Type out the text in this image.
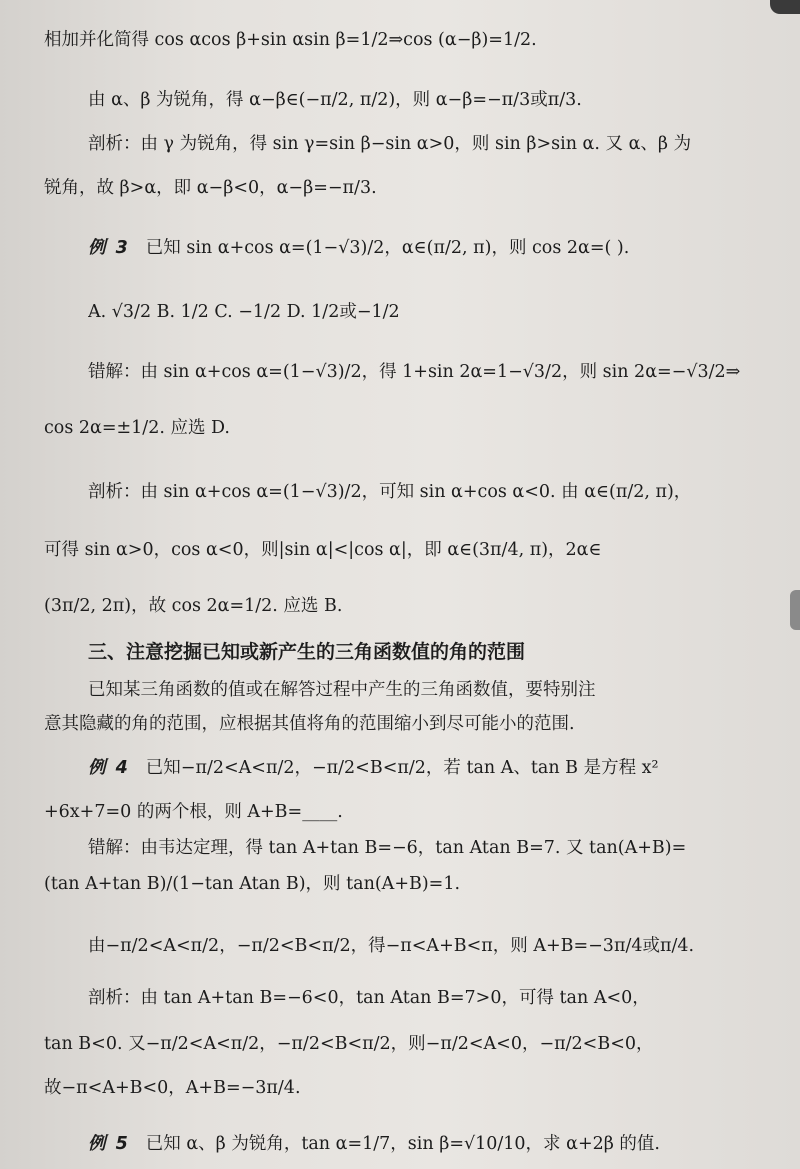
相加并化简得 cos αcos β+sin αsin β=1/2⇒cos (α−β)=1/2.
由 α、β 为锐角，得 α−β∈(−π/2, π/2)，则 α−β=−π/3或π/3.
剖析：由 γ 为锐角，得 sin γ=sin β−sin α>0，则 sin β>sin α. 又 α、β 为
锐角，故 β>α，即 α−β<0，α−β=−π/3.
例 3 已知 sin α+cos α=(1−√3)/2，α∈(π/2, π)，则 cos 2α=( ).
A. √3/2 B. 1/2 C. −1/2 D. 1/2或−1/2
错解：由 sin α+cos α=(1−√3)/2，得 1+sin 2α=1−√3/2，则 sin 2α=−√3/2⇒
cos 2α=±1/2. 应选 D.
剖析：由 sin α+cos α=(1−√3)/2，可知 sin α+cos α<0. 由 α∈(π/2, π)，
可得 sin α>0，cos α<0，则|sin α|<|cos α|，即 α∈(3π/4, π)，2α∈
(3π/2, 2π)，故 cos 2α=1/2. 应选 B.
三、注意挖掘已知或新产生的三角函数值的角的范围
已知某三角函数的值或在解答过程中产生的三角函数值，要特别注
意其隐藏的角的范围，应根据其值将角的范围缩小到尽可能小的范围.
例 4 已知−π/2<A<π/2，−π/2<B<π/2，若 tan A、tan B 是方程 x²
+6x+7=0 的两个根，则 A+B=____.
错解：由韦达定理，得 tan A+tan B=−6，tan Atan B=7. 又 tan(A+B)=
(tan A+tan B)/(1−tan Atan B)，则 tan(A+B)=1.
由−π/2<A<π/2，−π/2<B<π/2，得−π<A+B<π，则 A+B=−3π/4或π/4.
剖析：由 tan A+tan B=−6<0，tan Atan B=7>0，可得 tan A<0，
tan B<0. 又−π/2<A<π/2，−π/2<B<π/2，则−π/2<A<0，−π/2<B<0，
故−π<A+B<0，A+B=−3π/4.
例 5 已知 α、β 为锐角，tan α=1/7，sin β=√10/10，求 α+2β 的值.
